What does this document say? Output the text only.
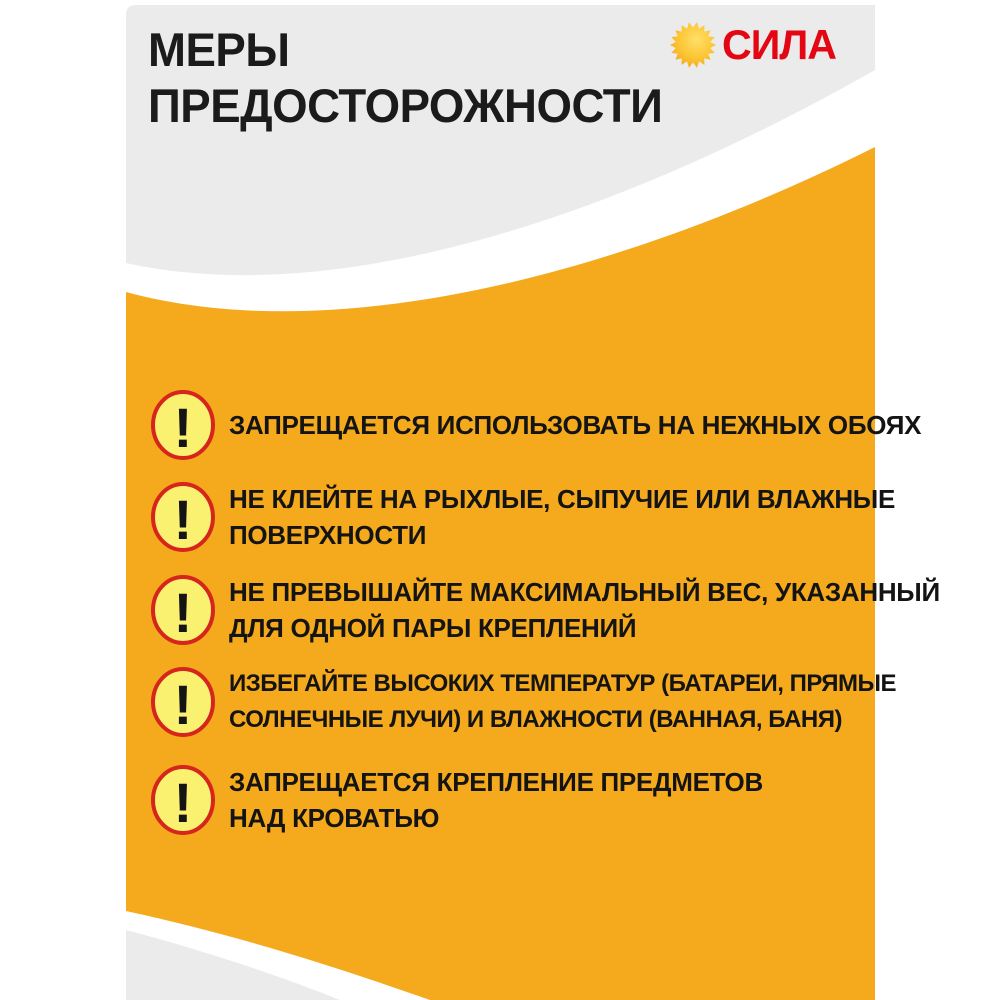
МЕРЫ
ПРЕДОСТОРОЖНОСТИ
СИЛА
! ЗАПРЕЩАЕТСЯ ИСПОЛЬЗОВАТЬ НА НЕЖНЫХ ОБОЯХ
! НЕ КЛЕЙТЕ НА РЫХЛЫЕ, СЫПУЧИЕ ИЛИ ВЛАЖНЫЕ
ПОВЕРХНОСТИ
! НЕ ПРЕВЫШАЙТЕ МАКСИМАЛЬНЫЙ ВЕС, УКАЗАННЫЙ
ДЛЯ ОДНОЙ ПАРЫ КРЕПЛЕНИЙ
! ИЗБЕГАЙТЕ ВЫСОКИХ ТЕМПЕРАТУР (БАТАРЕИ, ПРЯМЫЕ
СОЛНЕЧНЫЕ ЛУЧИ) И ВЛАЖНОСТИ (ВАННАЯ, БАНЯ)
! ЗАПРЕЩАЕТСЯ КРЕПЛЕНИЕ ПРЕДМЕТОВ
НАД КРОВАТЬЮ
